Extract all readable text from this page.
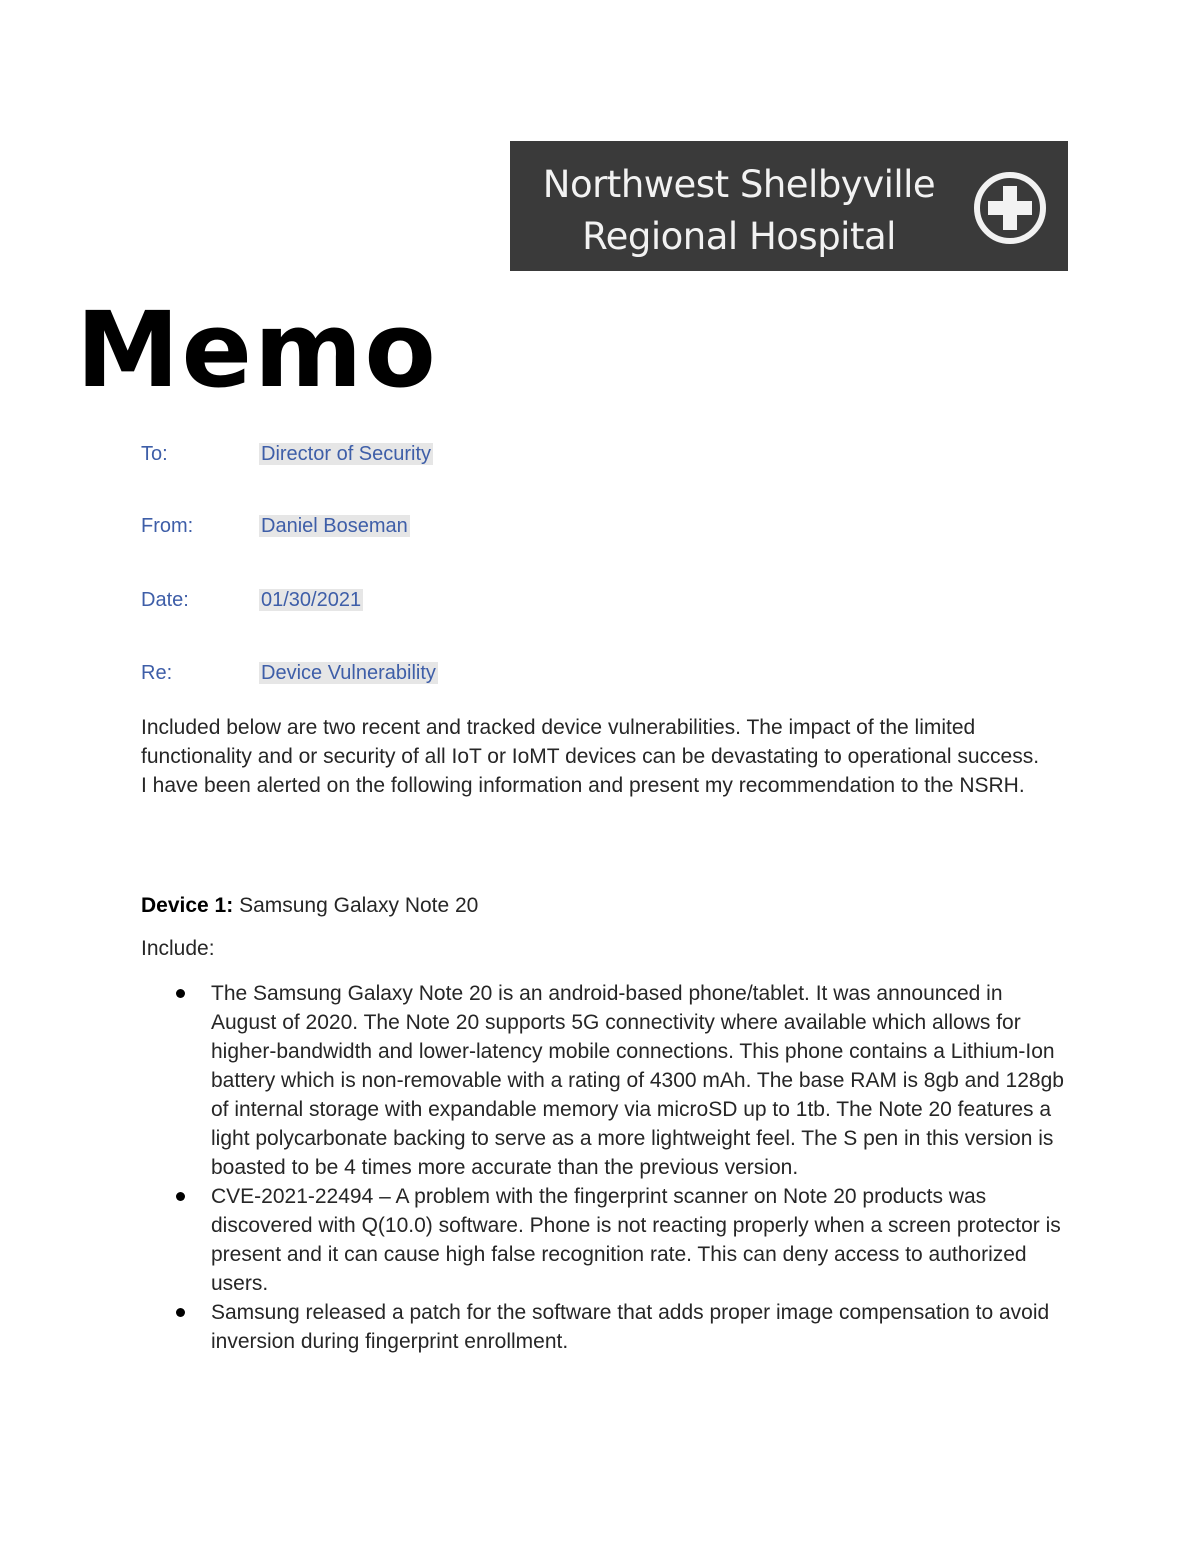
Northwest Shelbyville
Regional Hospital
Memo
To:	Director of Security
From:	Daniel Boseman
Date:	01/30/2021
Re:	Device Vulnerability

Included below are two recent and tracked device vulnerabilities. The impact of the limited functionality and or security of all IoT or IoMT devices can be devastating to operational success. I have been alerted on the following information and present my recommendation to the NSRH.

Device 1: Samsung Galaxy Note 20

Include:

The Samsung Galaxy Note 20 is an android-based phone/tablet. It was announced in August of 2020. The Note 20 supports 5G connectivity where available which allows for higher-bandwidth and lower-latency mobile connections. This phone contains a Lithium-Ion battery which is non-removable with a rating of 4300 mAh. The base RAM is 8gb and 128gb of internal storage with expandable memory via microSD up to 1tb. The Note 20 features a light polycarbonate backing to serve as a more lightweight feel. The S pen in this version is boasted to be 4 times more accurate than the previous version.
CVE-2021-22494 – A problem with the fingerprint scanner on Note 20 products was discovered with Q(10.0) software. Phone is not reacting properly when a screen protector is present and it can cause high false recognition rate. This can deny access to authorized users.
Samsung released a patch for the software that adds proper image compensation to avoid inversion during fingerprint enrollment.
